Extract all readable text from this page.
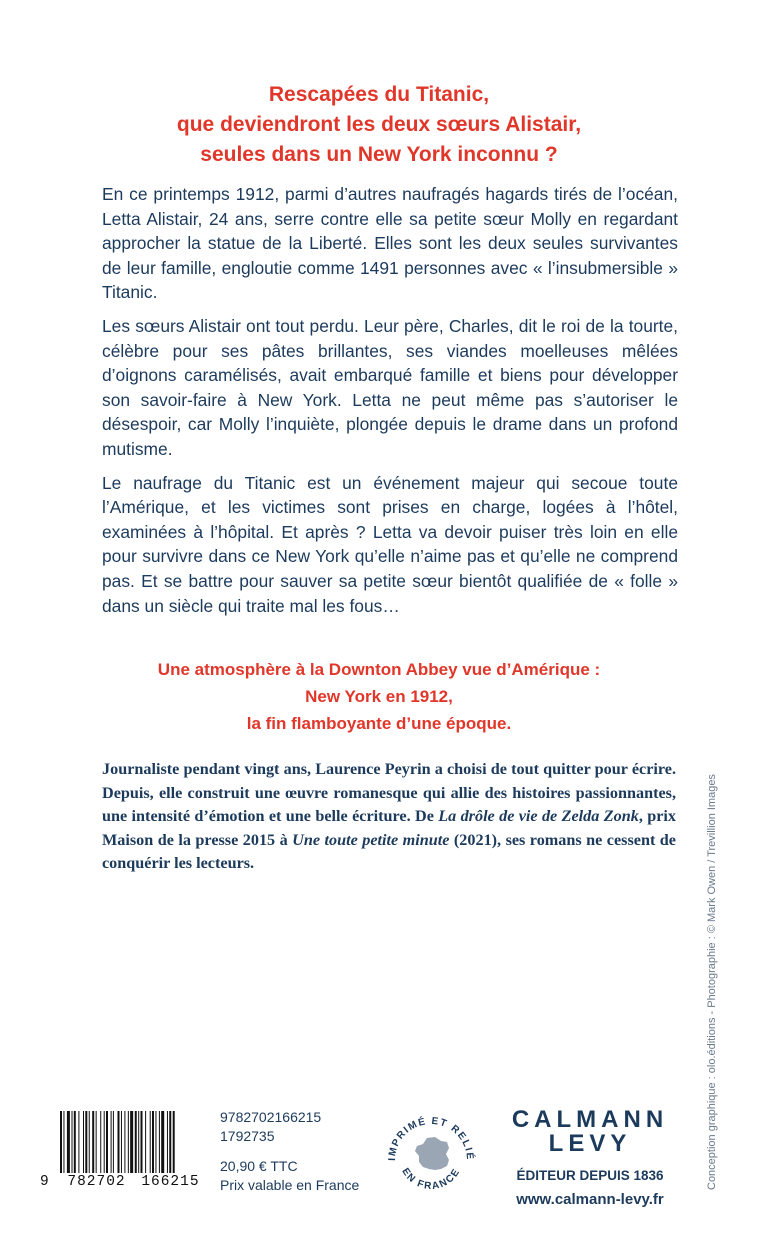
Rescapées du Titanic,
que deviendront les deux sœurs Alistair,
seules dans un New York inconnu ?

En ce printemps 1912, parmi d’autres naufragés hagards tirés de l’océan, Letta Alistair, 24 ans, serre contre elle sa petite sœur Molly en regardant approcher la statue de la Liberté. Elles sont les deux seules survivantes de leur famille, engloutie comme 1491 personnes avec « l’insubmersible » Titanic.

Les sœurs Alistair ont tout perdu. Leur père, Charles, dit le roi de la tourte, célèbre pour ses pâtes brillantes, ses viandes moelleuses mêlées d’oignons caramélisés, avait embarqué famille et biens pour développer son savoir-faire à New York. Letta ne peut même pas s’autoriser le désespoir, car Molly l’inquiète, plongée depuis le drame dans un profond mutisme.

Le naufrage du Titanic est un événement majeur qui secoue toute l’Amérique, et les victimes sont prises en charge, logées à l’hôtel, examinées à l’hôpital. Et après ? Letta va devoir puiser très loin en elle pour survivre dans ce New York qu’elle n’aime pas et qu’elle ne comprend pas. Et se battre pour sauver sa petite sœur bientôt qualifiée de « folle » dans un siècle qui traite mal les fous…

Une atmosphère à la Downton Abbey vue d’Amérique :
New York en 1912,
la fin flamboyante d’une époque.
Journaliste pendant vingt ans, Laurence Peyrin a choisi de tout quitter pour écrire. Depuis, elle construit une œuvre romanesque qui allie des histoires passionnantes, une intensité d’émotion et une belle écriture. De La drôle de vie de Zelda Zonk, prix Maison de la presse 2015 à Une toute petite minute (2021), ses romans ne cessent de conquérir les lecteurs.	Conception graphique : olo.éditions - Photographie : © Mark Owen / Trevillion Images
9 782702 166215
9782702166215
1792735
20,90 € TTC
Prix valable en France
IMPRIMÉ ET RELIÉ
EN FRANCE
CALMANN
LEVY
ÉDITEUR DEPUIS 1836
www.calmann-levy.fr
